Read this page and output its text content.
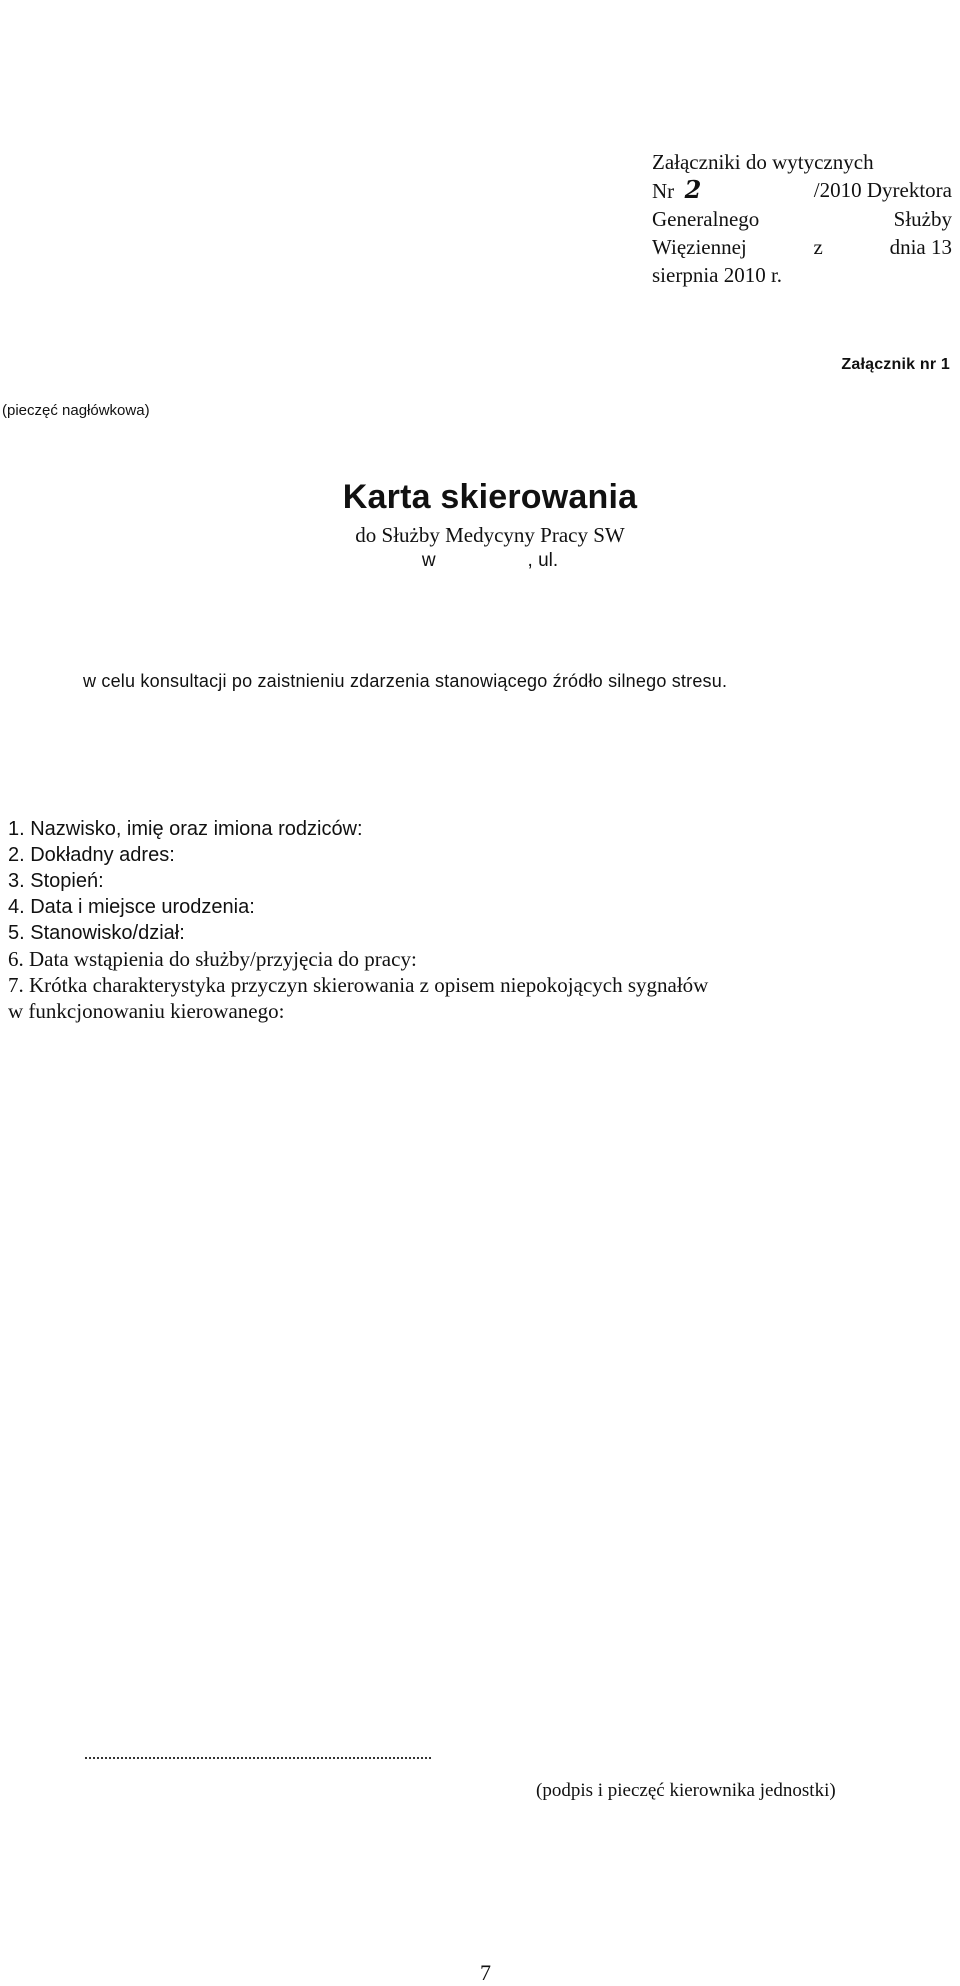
Załączniki do wytycznych
Nr 2	/2010 Dyrektora
Generalnego	Służby
Więziennej	z	dnia 13
sierpnia 2010 r.
Załącznik nr 1
(pieczęć nagłówkowa)
Karta skierowania
do Służby Medycyny Pracy SW
w	, ul.
w celu konsultacji po zaistnieniu zdarzenia stanowiącego źródło silnego stresu.
1. Nazwisko, imię oraz imiona rodziców:
2. Dokładny adres:
3. Stopień:
4. Data i miejsce urodzenia:
5. Stanowisko/dział:
6. Data wstąpienia do służby/przyjęcia do pracy:
7. Krótka charakterystyka przyczyn skierowania z opisem niepokojących sygnałów
w funkcjonowaniu kierowanego:
(podpis i pieczęć kierownika jednostki)
7
